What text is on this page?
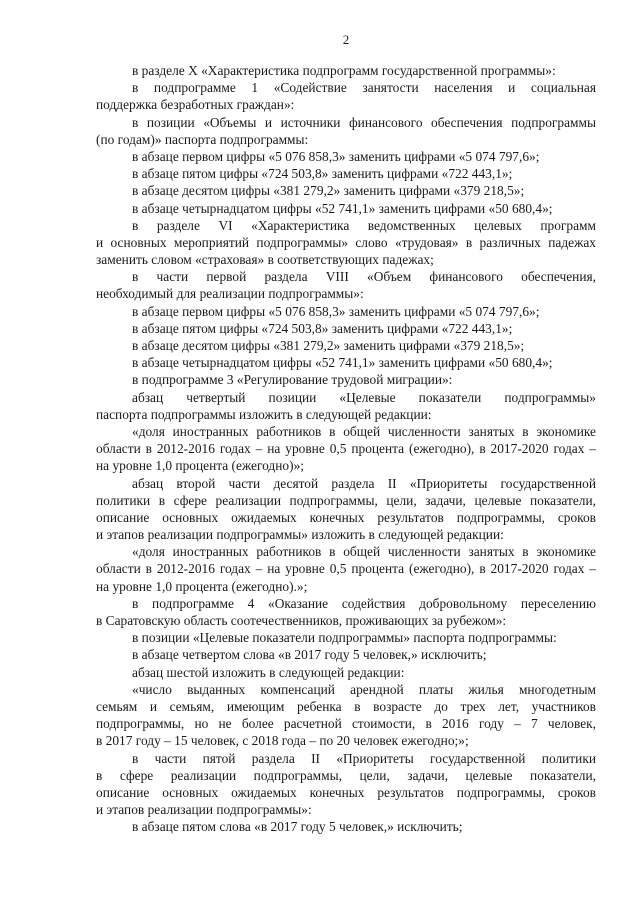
2
в разделе X «Характеристика подпрограмм государственной программы»:
в подпрограмме 1 «Содействие занятости населения и социальная
поддержка безработных граждан»:
в позиции «Объемы и источники финансового обеспечения подпрограммы
(по годам)» паспорта подпрограммы:
в абзаце первом цифры «5 076 858,3» заменить цифрами «5 074 797,6»;
в абзаце пятом цифры «724 503,8» заменить цифрами «722 443,1»;
в абзаце десятом цифры «381 279,2» заменить цифрами «379 218,5»;
в абзаце четырнадцатом цифры «52 741,1» заменить цифрами «50 680,4»;
в разделе VI «Характеристика ведомственных целевых программ
и основных мероприятий подпрограммы» слово «трудовая» в различных падежах
заменить словом «страховая» в соответствующих падежах;
в части первой раздела VIII «Объем финансового обеспечения,
необходимый для реализации подпрограммы»:
в абзаце первом цифры «5 076 858,3» заменить цифрами «5 074 797,6»;
в абзаце пятом цифры «724 503,8» заменить цифрами «722 443,1»;
в абзаце десятом цифры «381 279,2» заменить цифрами «379 218,5»;
в абзаце четырнадцатом цифры «52 741,1» заменить цифрами «50 680,4»;
в подпрограмме 3 «Регулирование трудовой миграции»:
абзац четвертый позиции «Целевые показатели подпрограммы»
паспорта подпрограммы изложить в следующей редакции:
«доля иностранных работников в общей численности занятых в экономике
области в 2012-2016 годах – на уровне 0,5 процента (ежегодно), в 2017-2020 годах –
на уровне 1,0 процента (ежегодно)»;
абзац второй части десятой раздела II «Приоритеты государственной
политики в сфере реализации подпрограммы, цели, задачи, целевые показатели,
описание основных ожидаемых конечных результатов подпрограммы, сроков
и этапов реализации подпрограммы» изложить в следующей редакции:
«доля иностранных работников в общей численности занятых в экономике
области в 2012-2016 годах – на уровне 0,5 процента (ежегодно), в 2017-2020 годах –
на уровне 1,0 процента (ежегодно).»;
в подпрограмме 4 «Оказание содействия добровольному переселению
в Саратовскую область соотечественников, проживающих за рубежом»:
в позиции «Целевые показатели подпрограммы» паспорта подпрограммы:
в абзаце четвертом слова «в 2017 году 5 человек,» исключить;
абзац шестой изложить в следующей редакции:
«число выданных компенсаций арендной платы жилья многодетным
семьям и семьям, имеющим ребенка в возрасте до трех лет, участников
подпрограммы, но не более расчетной стоимости, в 2016 году – 7 человек,
в 2017 году – 15 человек, с 2018 года – по 20 человек ежегодно;»;
в части пятой раздела II «Приоритеты государственной политики
в сфере реализации подпрограммы, цели, задачи, целевые показатели,
описание основных ожидаемых конечных результатов подпрограммы, сроков
и этапов реализации подпрограммы»:
в абзаце пятом слова «в 2017 году 5 человек,» исключить;
